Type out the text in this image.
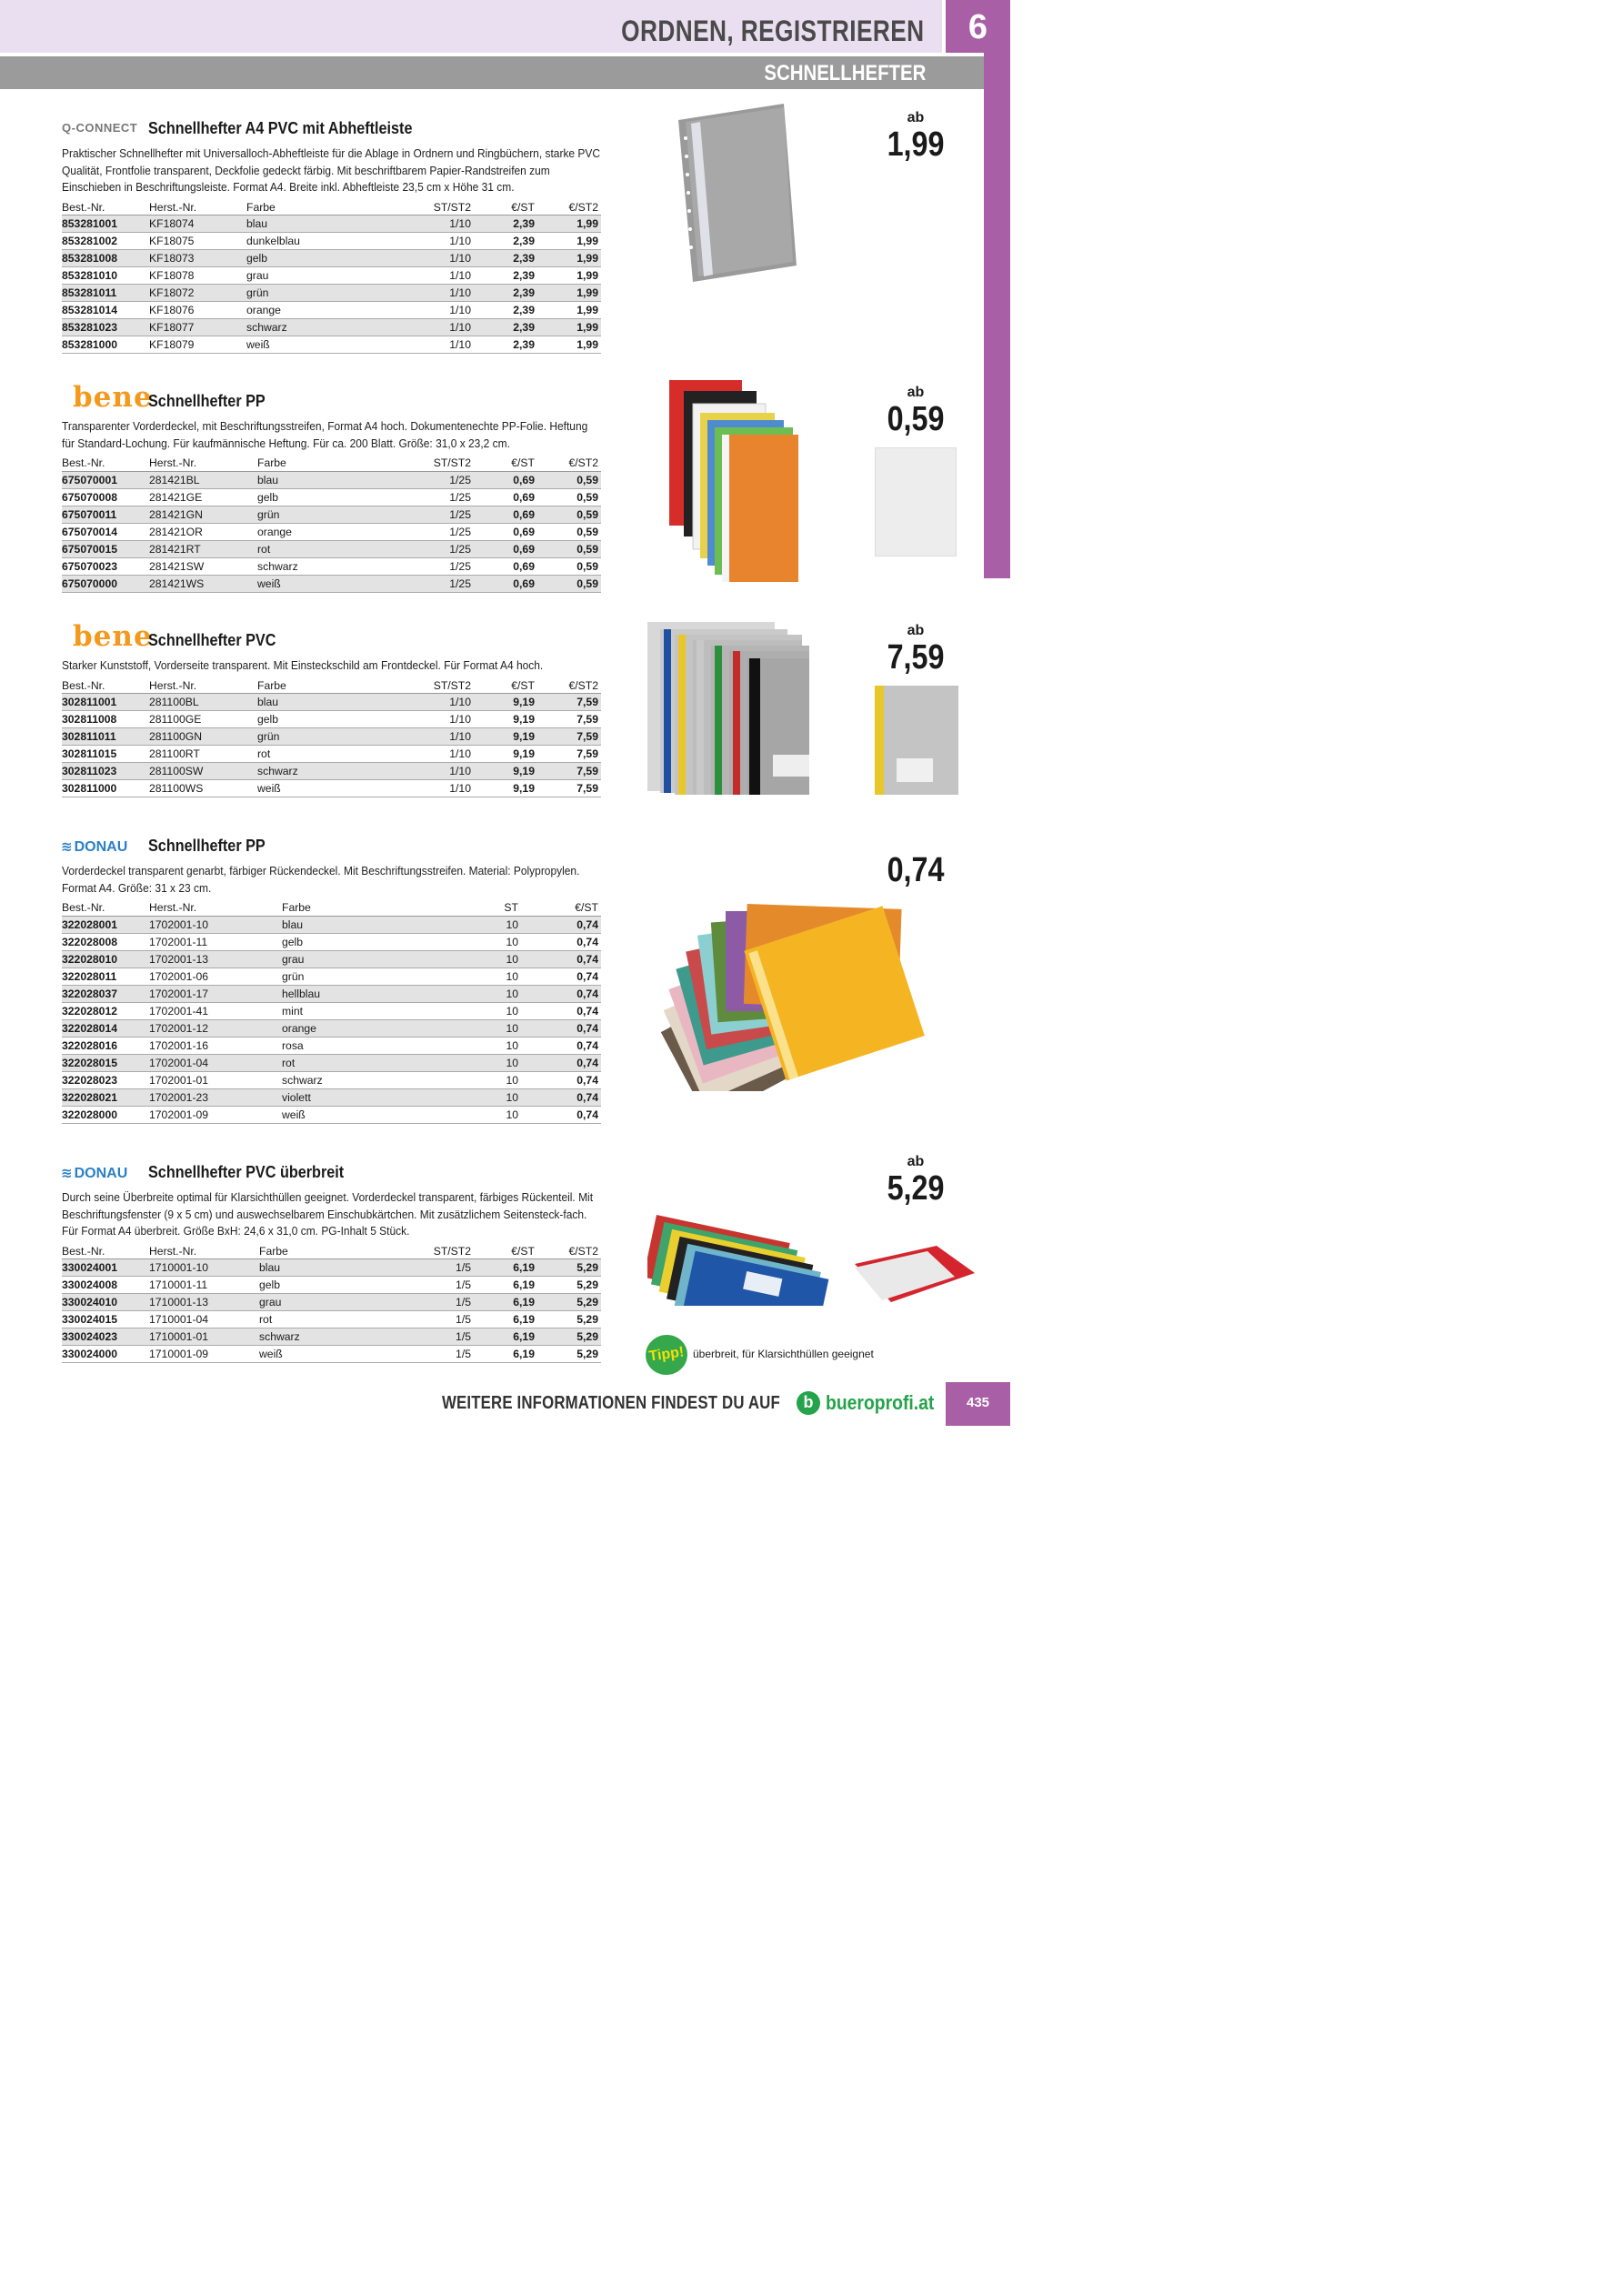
ORDNEN, REGISTRIEREN	6
SCHNELLHEFTER
Q-CONNECT Schnellhefter A4 PVC mit Abheftleiste
Praktischer Schnellhefter mit Universalloch-Abheftleiste für die Ablage in Ordnern und Ringbüchern, starke PVC Qualität, Frontfolie transparent, Deckfolie gedeckt färbig. Mit beschriftbarem Papier-Randstreifen zum Einschieben in Beschriftungsleiste. Format A4. Breite inkl. Abheftleiste 23,5 cm x Höhe 31 cm.
Best.-Nr.	Herst.-Nr.	Farbe	ST/ST2	€/ST	€/ST2
853281001	KF18074	blau	1/10	2,39	1,99
853281002	KF18075	dunkelblau	1/10	2,39	1,99
853281008	KF18073	gelb	1/10	2,39	1,99
853281010	KF18078	grau	1/10	2,39	1,99
853281011	KF18072	grün	1/10	2,39	1,99
853281014	KF18076	orange	1/10	2,39	1,99
853281023	KF18077	schwarz	1/10	2,39	1,99
853281000	KF18079	weiß	1/10	2,39	1,99
ab
1,99
bene
Schnellhefter PP
Transparenter Vorderdeckel, mit Beschriftungsstreifen, Format A4 hoch. Dokumentenechte PP-Folie. Heftung für Standard-Lochung. Für kaufmännische Heftung. Für ca. 200 Blatt. Größe: 31,0 x 23,2 cm.
Best.-Nr.	Herst.-Nr.	Farbe	ST/ST2	€/ST	€/ST2
675070001	281421BL	blau	1/25	0,69	0,59
675070008	281421GE	gelb	1/25	0,69	0,59
675070011	281421GN	grün	1/25	0,69	0,59
675070014	281421OR	orange	1/25	0,69	0,59
675070015	281421RT	rot	1/25	0,69	0,59
675070023	281421SW	schwarz	1/25	0,69	0,59
675070000	281421WS	weiß	1/25	0,69	0,59
ab
0,59
bene
Schnellhefter PVC
Starker Kunststoff, Vorderseite transparent. Mit Einsteckschild am Frontdeckel. Für Format A4 hoch.
Best.-Nr.	Herst.-Nr.	Farbe	ST/ST2	€/ST	€/ST2
302811001	281100BL	blau	1/10	9,19	7,59
302811008	281100GE	gelb	1/10	9,19	7,59
302811011	281100GN	grün	1/10	9,19	7,59
302811015	281100RT	rot	1/10	9,19	7,59
302811023	281100SW	schwarz	1/10	9,19	7,59
302811000	281100WS	weiß	1/10	9,19	7,59
ab
7,59
≋ DONAU Schnellhefter PP
Vorderdeckel transparent genarbt, färbiger Rückendeckel. Mit Beschriftungsstreifen. Material: Polypropylen. Format A4. Größe: 31 x 23 cm.
Best.-Nr.	Herst.-Nr.	Farbe	ST	€/ST
322028001	1702001-10	blau	10	0,74
322028008	1702001-11	gelb	10	0,74
322028010	1702001-13	grau	10	0,74
322028011	1702001-06	grün	10	0,74
322028037	1702001-17	hellblau	10	0,74
322028012	1702001-41	mint	10	0,74
322028014	1702001-12	orange	10	0,74
322028016	1702001-16	rosa	10	0,74
322028015	1702001-04	rot	10	0,74
322028023	1702001-01	schwarz	10	0,74
322028021	1702001-23	violett	10	0,74
322028000	1702001-09	weiß	10	0,74
0,74
≋ DONAU Schnellhefter PVC überbreit
Durch seine Überbreite optimal für Klarsichthüllen geeignet. Vorderdeckel transparent, färbiges Rückenteil. Mit Beschriftungsfenster (9 x 5 cm) und auswechselbarem Einschubkärtchen. Mit zusätzlichem Seitensteck-fach. Für Format A4 überbreit. Größe BxH: 24,6 x 31,0 cm. PG-Inhalt 5 Stück.
Best.-Nr.	Herst.-Nr.	Farbe	ST/ST2	€/ST	€/ST2
330024001	1710001-10	blau	1/5	6,19	5,29
330024008	1710001-11	gelb	1/5	6,19	5,29
330024010	1710001-13	grau	1/5	6,19	5,29
330024015	1710001-04	rot	1/5	6,19	5,29
330024023	1710001-01	schwarz	1/5	6,19	5,29
330024000	1710001-09	weiß	1/5	6,19	5,29
ab
5,29
Tipp! überbreit, für Klarsichthüllen geeignet
WEITERE INFORMATIONEN FINDEST DU AUF	b bueroprofi.at	435
